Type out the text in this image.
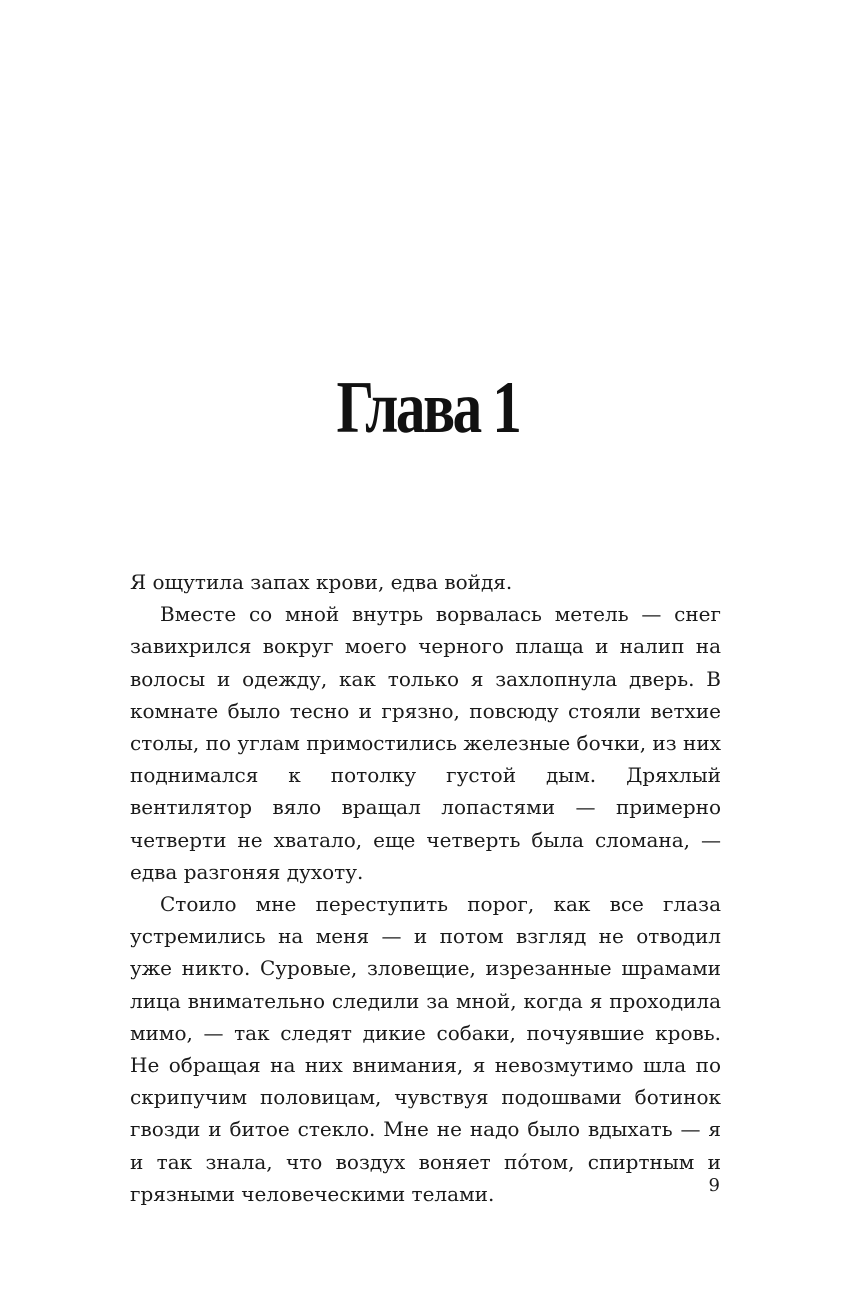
Глава 1

Я ощутила запах крови, едва войдя.

Вместе со мной внутрь ворвалась метель — снег завихрился вокруг моего черного плаща и налип на волосы и одежду, как только я захлопнула дверь. В комнате было тесно и грязно, повсюду стояли ветхие столы, по углам примостились железные бочки, из них поднимался к потолку густой дым. Дряхлый вентилятор вяло вращал лопастями — примерно четверти не хватало, еще четверть была сломана, — едва разгоняя духоту.

Стоило мне переступить порог, как все глаза устремились на меня — и потом взгляд не отводил уже никто. Суровые, зловещие, изрезанные шрамами лица внимательно следили за мной, когда я проходила мимо, — так следят дикие собаки, почуявшие кровь. Не обращая на них внимания, я невозмутимо шла по скрипучим половицам, чувствуя подошвами ботинок гвозди и битое стекло. Мне не надо было вдыхать — я и так знала, что воздух воняет по́том, спиртным и грязными человеческими телами.	9
